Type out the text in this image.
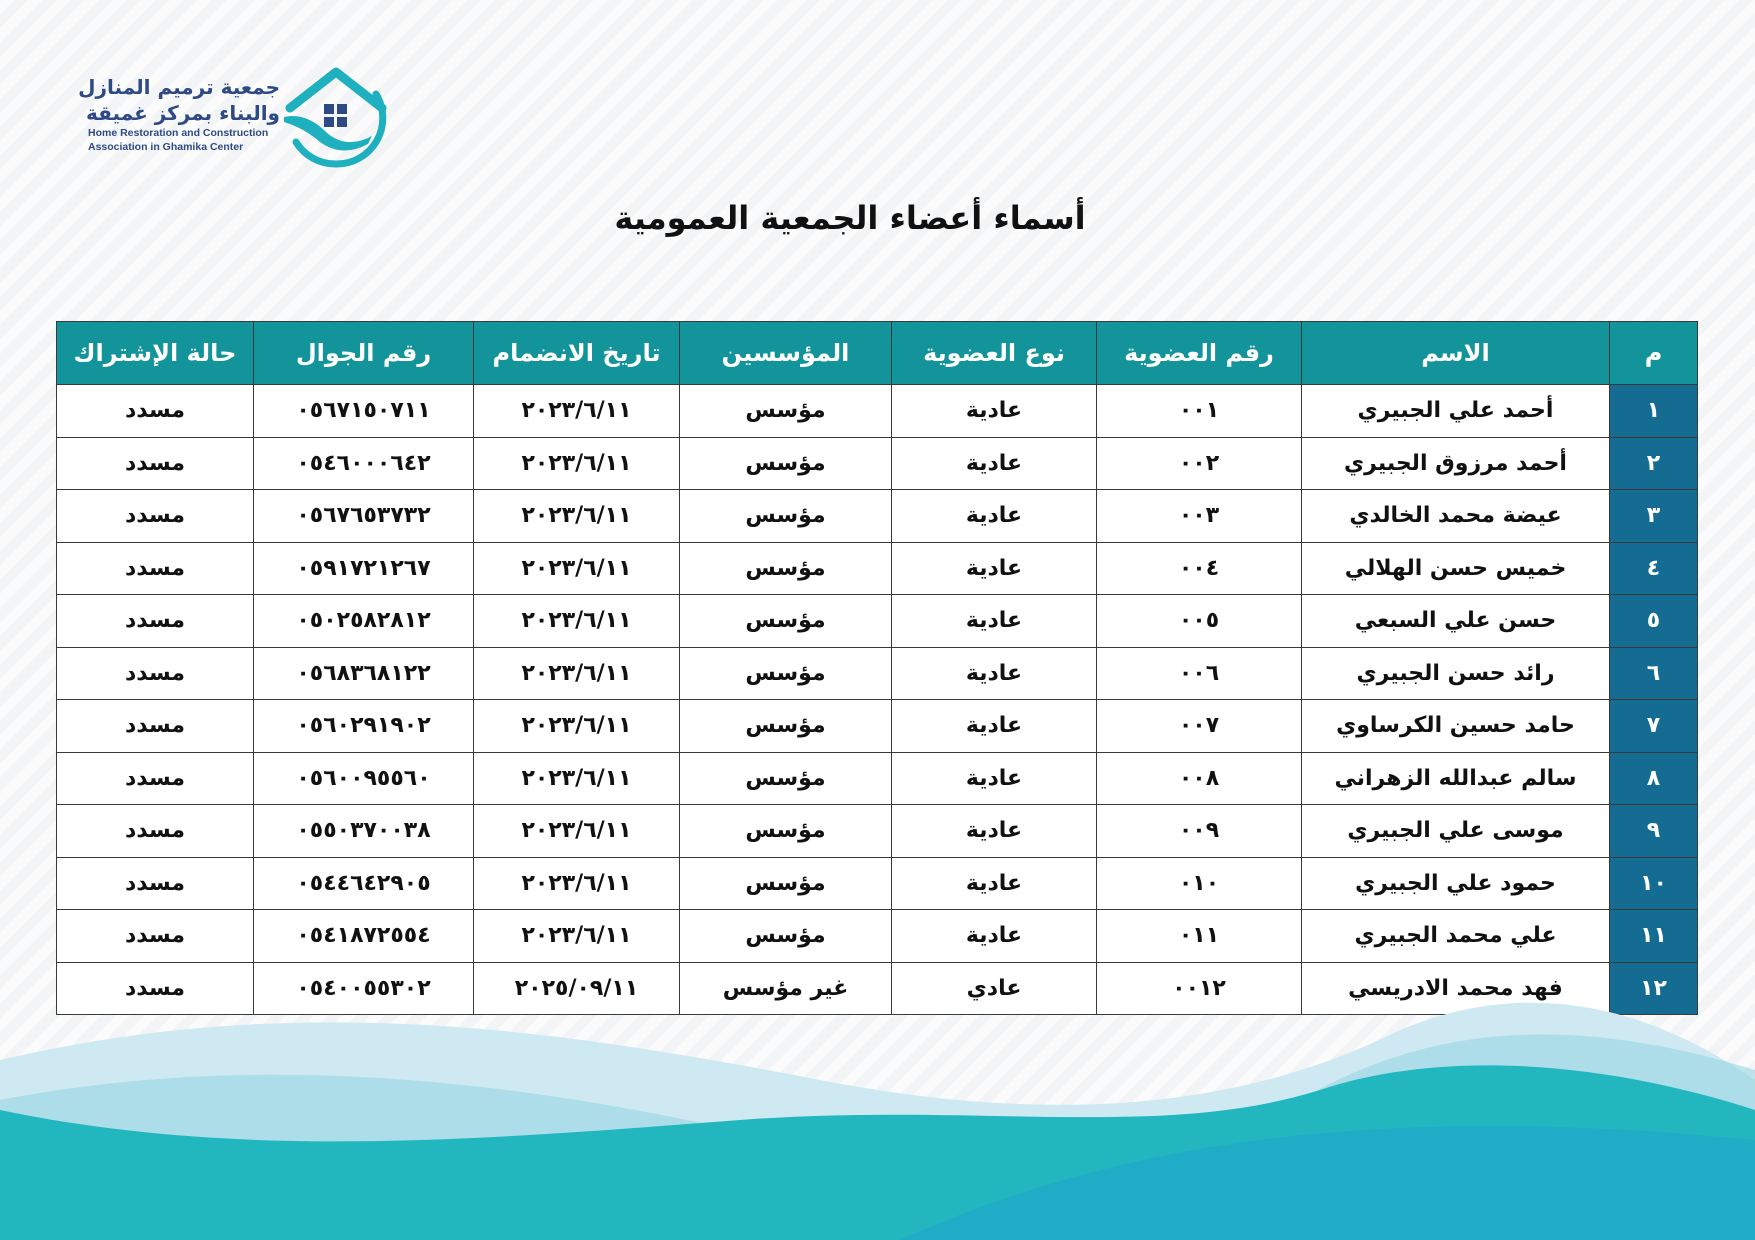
جمعية ترميم المنازل
والبناء بمركز غميقة
Home Restoration and Construction
Association in Ghamika Center
أسماء أعضاء الجمعية العمومية
م	الاسم	رقم العضوية	نوع العضوية	المؤسسين	تاريخ الانضمام	رقم الجوال	حالة الإشتراك
١	أحمد علي الجبيري	٠٠١	عادية	مؤسس	٢٠٢٣/٦/١١	٠٥٦٧١٥٠٧١١	مسدد
٢	أحمد مرزوق الجبيري	٠٠٢	عادية	مؤسس	٢٠٢٣/٦/١١	٠٥٤٦٠٠٠٦٤٢	مسدد
٣	عيضة محمد الخالدي	٠٠٣	عادية	مؤسس	٢٠٢٣/٦/١١	٠٥٦٧٦٥٣٧٣٢	مسدد
٤	خميس حسن الهلالي	٠٠٤	عادية	مؤسس	٢٠٢٣/٦/١١	٠٥٩١٧٢١٢٦٧	مسدد
٥	حسن علي السبعي	٠٠٥	عادية	مؤسس	٢٠٢٣/٦/١١	٠٥٠٢٥٨٢٨١٢	مسدد
٦	رائد حسن الجبيري	٠٠٦	عادية	مؤسس	٢٠٢٣/٦/١١	٠٥٦٨٣٦٨١٢٢	مسدد
٧	حامد حسين الكرساوي	٠٠٧	عادية	مؤسس	٢٠٢٣/٦/١١	٠٥٦٠٢٩١٩٠٢	مسدد
٨	سالم عبدالله الزهراني	٠٠٨	عادية	مؤسس	٢٠٢٣/٦/١١	٠٥٦٠٠٩٥٥٦٠	مسدد
٩	موسى علي الجبيري	٠٠٩	عادية	مؤسس	٢٠٢٣/٦/١١	٠٥٥٠٣٧٠٠٣٨	مسدد
١٠	حمود علي الجبيري	٠١٠	عادية	مؤسس	٢٠٢٣/٦/١١	٠٥٤٤٦٤٢٩٠٥	مسدد
١١	علي محمد الجبيري	٠١١	عادية	مؤسس	٢٠٢٣/٦/١١	٠٥٤١٨٧٢٥٥٤	مسدد
١٢	فهد محمد الادريسي	٠٠١٢	عادي	غير مؤسس	٢٠٢٥/٠٩/١١	٠٥٤٠٠٥٥٣٠٢	مسدد
